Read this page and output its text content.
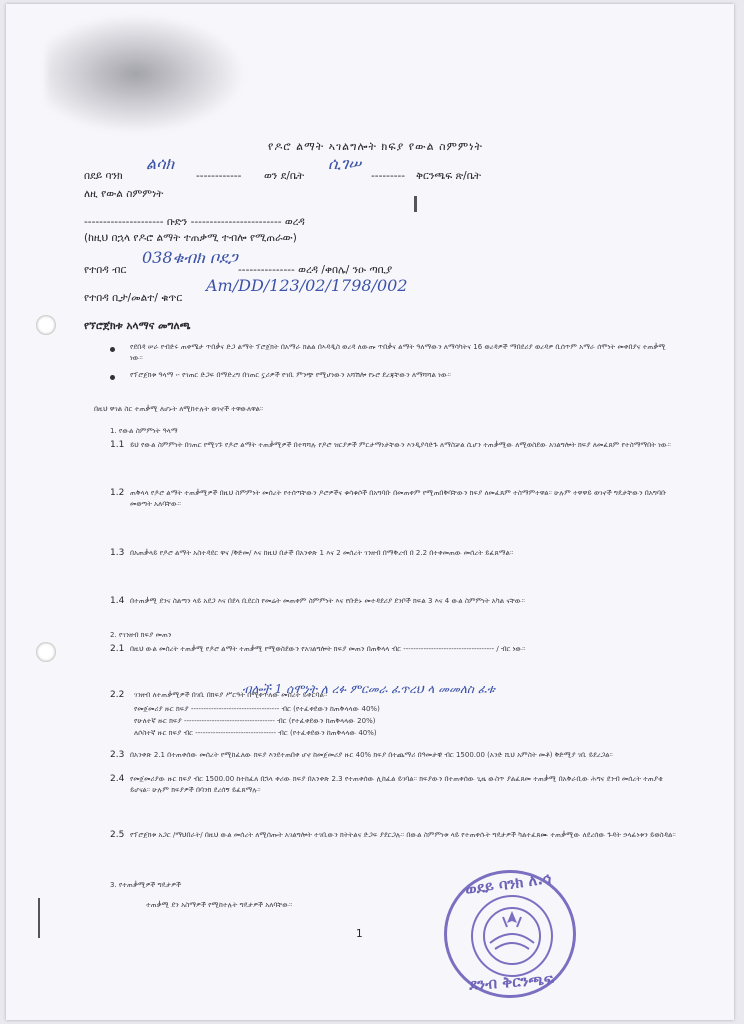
የዶሮ ልማት ኣገልግሎት ክፍያ የውል ስምምነት
በደይ ባንክ
ልሳክ
------------ ወን ደ/ቤት
ሲገሠ
--------- ቅርንጫፍ ጽ/ቤት
ለዚ የውል ስምምነት
--------------------- ቡድን ------------------------ ወረዳ
(ከዚህ በኋላ የዶሮ ልማት ተጠቃሚ ተብሎ የሚጠራው)
የተበዳ ብር
038ቁብክ ቦደጋ
--------------- ወረዳ /ቀበሌ/ ንዑ ጣቢያ
የተበዳ ቢታ/መልተ/ ቁጥር
Am/DD/123/02/1798/002
የኘሮጀክቱ አላማና መግለጫ
የደበዳ ሠራ የብድሩ ጠቀሜታ ጥበቃና ድጋ ልማት ፕሮጀክት በአማራ ክልል በኣዳዲስ ወረዳ ለውጡ ጥበቃና ልማት ዓለማውን ለማሳካትና 16 ወረዳዎች ማበደሪያ ወረዳዎ ቢሰጥም አማራ ሰሞነት መቀበያና ተጠቃሚ ነው።
የፕሮጀክቱ ዓላማ ፡- የገጠር ድጋፍ በማድረግ በገጠር ኗሪዎች የገቢ ምንጭ የሚሆነውን አሻሽሎ የኑሮ ደረጃቸውን ለማሻሻል ነው።
በዚህ ዋገል ስር ተጠቃሚ ለሆኑት ለሚከተሉት ወገኖች ተዋውለዋል።
1. የውል ስምምነት ዓላማ
1.1 ይህ የውል ስምምነት በገጠር የሚገኙ የዶሮ ልማት ተጠቃሚዎች በተሻሻሉ የዶሮ ዝርያዎች ምርታማነታቸውን እንዲያሳድጉ ለማስቻል ሲሆን ተጠቃሚው ለሚወስደው አገልግሎት ክፍያ ለመፈጸም የተስማማበት ነው።
1.2 ጠቅላላ የዶሮ ልማት ተጠቃሚዎች በዚህ ስምምነት መሰረት የተሰጣቸውን ዶሮዎችና ቁሳቁሶች በአግባቡ በመጠቀም የሚጠበቅባቸውን ክፍያ ለመፈጸም ተስማምተዋል። ሁሉም ተዋዋይ ወገኖች ግዴታቸውን በአግባቡ መወጣት አለባቸው።
1.3 በአጠቃላይ የዶሮ ልማት አስተዳደር ዋና /ቅድመ/ እና ከዚህ በታች በአንቀጽ 1 እና 2 መሰረት ገንዘብ በማቅረብ በ 2.2 በተቀመጠው መሰረት ይፈጸማል።
1.4 በተጠቃሚ ደንና ስልጣን ላይ አደጋ እና በደላ ቢደርስ የመሬት መጠቀም ስምምነት እና የቡድኑ መተዳደሪያ ደንቦች ክፍል 3 እና 4 ውል ስምምነት አካል ናቸው።
2. የገንዘብ ክፍያ መጠን
2.1 በዚህ ውል መሰረት ተጠቃሚ የዶሮ ልማት ተጠቃሚ የሚወስደውን የአገልግሎት ክፍያ መጠን በጠቅላላ ብር ------------------------------------ / ብር ነው።
2.2 ገንዘብ ለተጠቃሚዎች በገቢ በክፍያ ሥርዓት በሚቀጥለው መሰረት ይቀርባል።
ብሎች 1 ሰሞነት ለ ረፉ ምርመራ ፈጥረህ ላ መመለስ ፈቱ
የመጀመሪያ ዙር ክፍያ ----------------------------------- ብር (የተፈቀደውን ከጠቅላላው 40%)
የሁለተኛ ዙር ክፍያ ------------------------------------ ብር (የተፈቀደውን ከጠቅላላው 20%)
ለሶስተኛ ዙር ክፍያ ብር -------------------------------- ብር (የተፈቀደውን ከጠቅላላው 40%)
2.3 በአንቀጽ 2.1 በተጠቀሰው መሰረት የሚከፈለው ክፍያ እንደተጠበቀ ሆኖ ከመጀመሪያ ዙር 40% ክፍያ በተጨማሪ በዓመታዊ ብር 1500.00 (አንድ ሺህ አምስት መቶ) ቅድሚያ ገቢ ይደረጋል።
2.4 የመጀመሪያው ዙር ክፍያ ብር 1500.00 ከተከፈለ በኋላ ቀሪው ክፍያ በአንቀጽ 2.3 የተጠቀሰው ሊከፈል ይገባል። ክፍያውን በተጠቀሰው ጊዜ ውስጥ ያልፈጸመ ተጠቃሚ በአቅራቢው ሕግና ደንብ መሰረት ተጠያቂ ይሆናል። ሁሉም ክፍያዎች በባንክ ደረሰኝ ይፈጸማሉ።
2.5 የፕሮጀክቱ አጋር /ማህበራት/ በዚህ ውል መሰረት ለሚሰጡት አገልግሎት ተገቢውን ክትትልና ድጋፍ ያደርጋሉ። በውል ስምምነቱ ላይ የተጠቀሱት ግዴታዎች ካልተፈጸሙ ተጠቃሚው ለደረሰው ጉዳት ኃላፊነቱን ይወስዳል።
3. የተጠቃሚዎች ግዴታዎች
ተጠቃሚ ደን አስማዎች የሚከተሉት ግዴታዎች አለባቸው።
1
ወደይ ባንክ ለ.ኅ
ደንብ ቅርንጫፍ
